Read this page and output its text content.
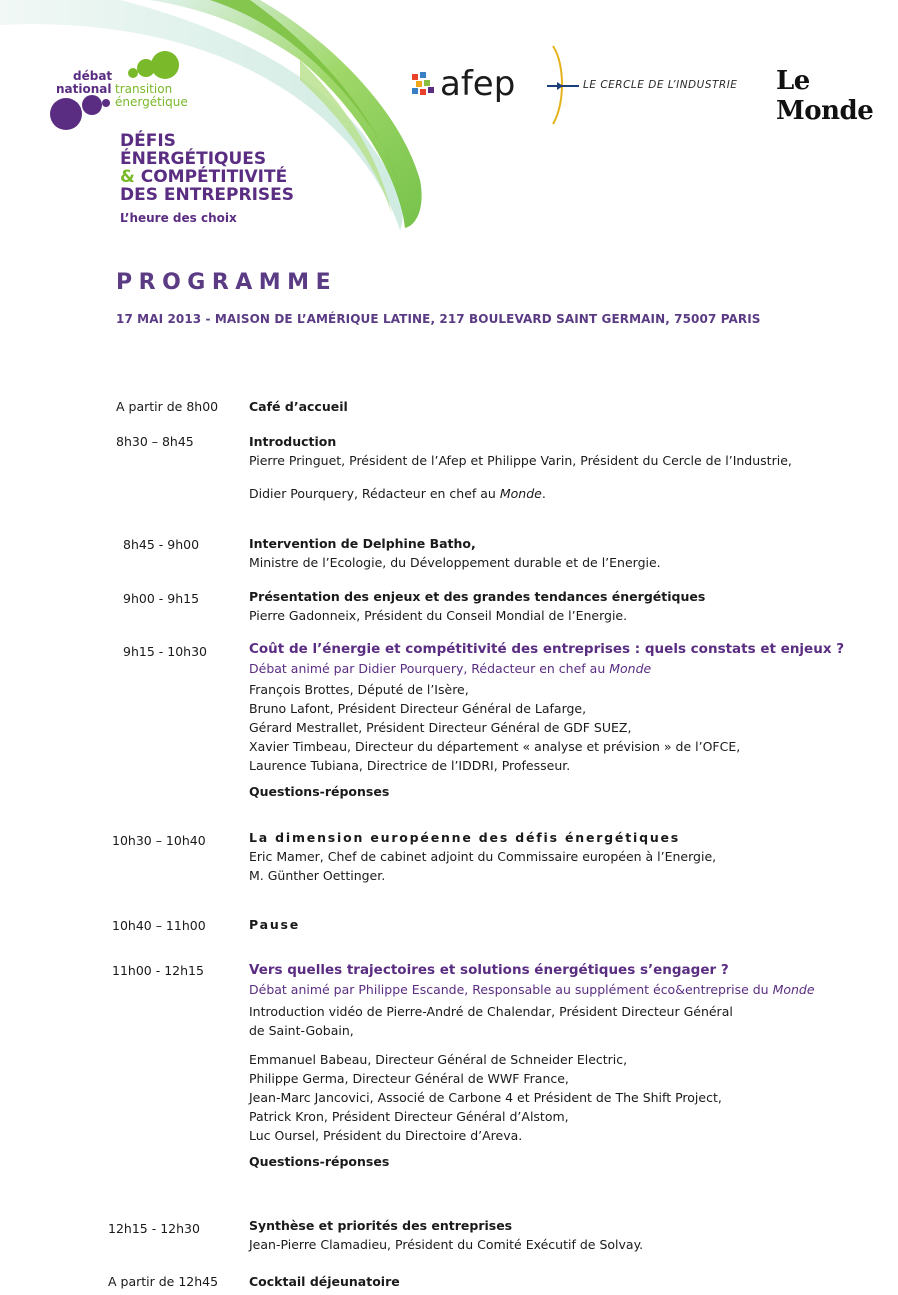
débat
national transition
énergétique
DÉFIS
ÉNERGÉTIQUES
& COMPÉTITIVITÉ
DES ENTREPRISES
L’heure des choix
afep	LE CERCLE DE L’INDUSTRIE Le Monde
PROGRAMME
17 MAI 2013 - MAISON DE L’AMÉRIQUE LATINE, 217 BOULEVARD SAINT GERMAIN, 75007 PARIS
A partir de 8h00 Café d’accueil
8h30 – 8h45	Introduction
Pierre Pringuet, Président de l’Afep et Philippe Varin, Président du Cercle de l’Industrie,
Didier Pourquery, Rédacteur en chef au Monde.
8h45 - 9h00	Intervention de Delphine Batho,
Ministre de l’Ecologie, du Développement durable et de l’Energie.
9h00 - 9h15	Présentation des enjeux et des grandes tendances énergétiques
Pierre Gadonneix, Président du Conseil Mondial de l’Energie.
9h15 - 10h30	Coût de l’énergie et compétitivité des entreprises : quels constats et enjeux ?
Débat animé par Didier Pourquery, Rédacteur en chef au Monde
François Brottes, Député de l’Isère,
Bruno Lafont, Président Directeur Général de Lafarge,
Gérard Mestrallet, Président Directeur Général de GDF SUEZ,
Xavier Timbeau, Directeur du département « analyse et prévision » de l’OFCE,
Laurence Tubiana, Directrice de l’IDDRI, Professeur.
Questions-réponses
10h30 – 10h40	La dimension européenne des défis énergétiques
Eric Mamer, Chef de cabinet adjoint du Commissaire européen à l’Energie,
M. Günther Oettinger.
10h40 – 11h00	Pause
11h00 - 12h15	Vers quelles trajectoires et solutions énergétiques s’engager ?
Débat animé par Philippe Escande, Responsable au supplément éco&entreprise du Monde
Introduction vidéo de Pierre-André de Chalendar, Président Directeur Général
de Saint-Gobain,
Emmanuel Babeau, Directeur Général de Schneider Electric,
Philippe Germa, Directeur Général de WWF France,
Jean-Marc Jancovici, Associé de Carbone 4 et Président de The Shift Project,
Patrick Kron, Président Directeur Général d’Alstom,
Luc Oursel, Président du Directoire d’Areva.
Questions-réponses
12h15 - 12h30	Synthèse et priorités des entreprises
Jean-Pierre Clamadieu, Président du Comité Exécutif de Solvay.
A partir de 12h45 Cocktail déjeunatoire
